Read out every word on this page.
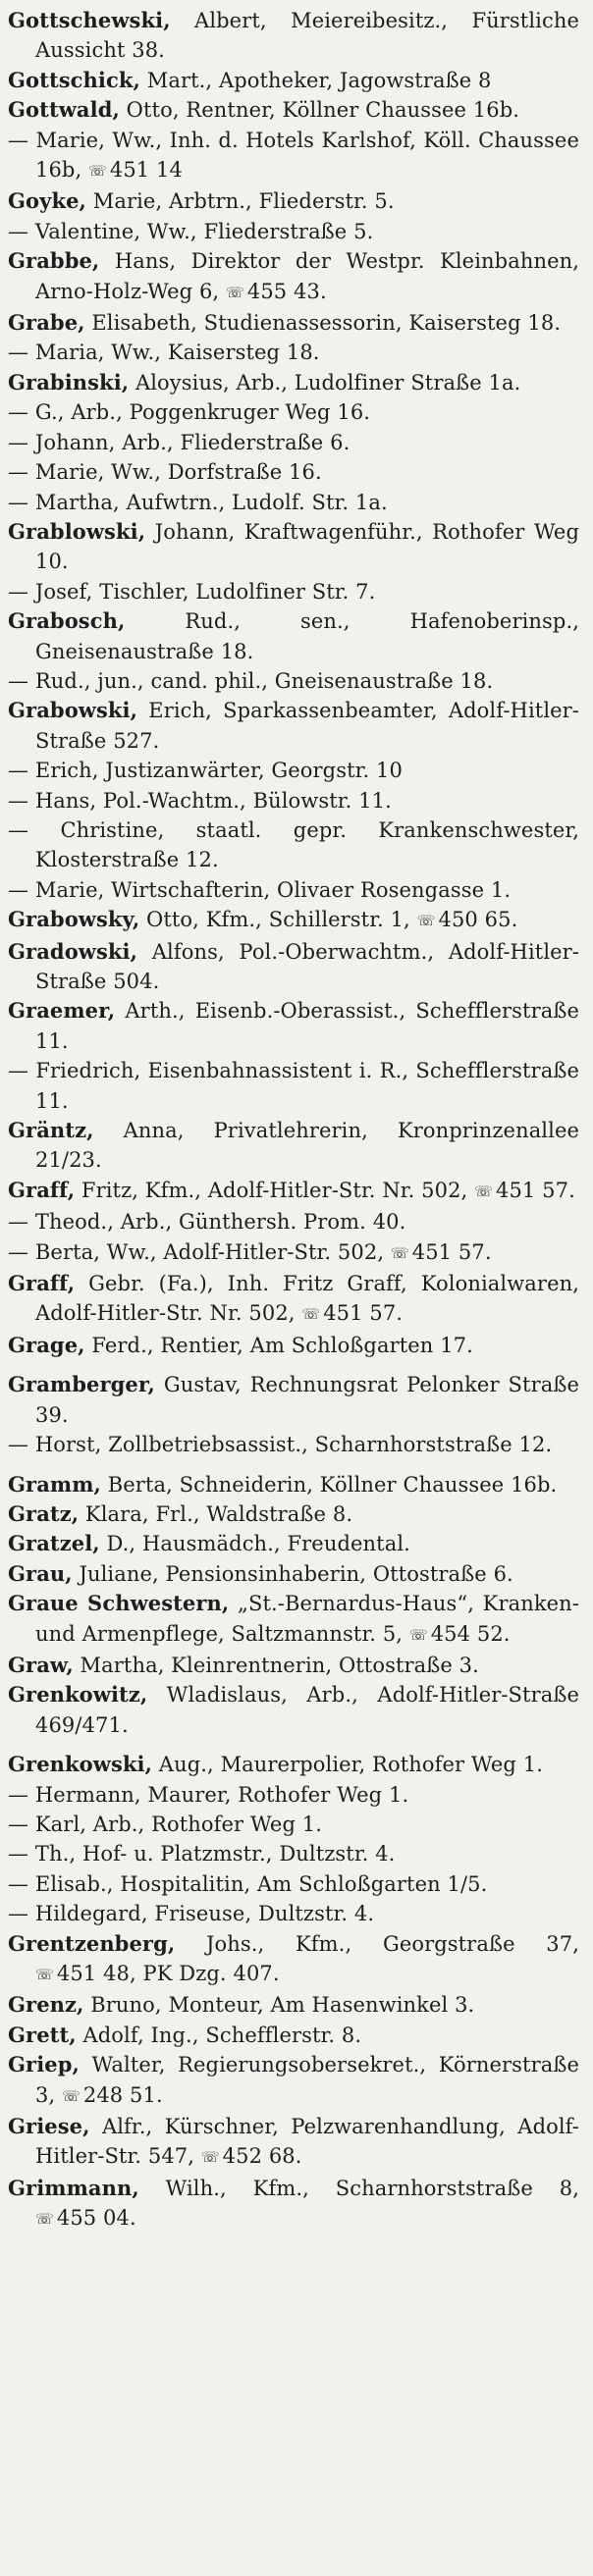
Gottschewski, Albert, Meiereibesitz., Fürstliche Aussicht 38.

Gottschick, Mart., Apotheker, Jagowstraße 8

Gottwald, Otto, Rentner, Köllner Chaussee 16b.

— Marie, Ww., Inh. d. Hotels Karlshof, Köll. Chaussee 16b, ☏ 451 14

Goyke, Marie, Arbtrn., Fliederstr. 5.

— Valentine, Ww., Fliederstraße 5.

Grabbe, Hans, Direktor der Westpr. Kleinbahnen, Arno-Holz-Weg 6, ☏ 455 43.

Grabe, Elisabeth, Studienassessorin, Kaisersteg 18.

— Maria, Ww., Kaisersteg 18.

Grabinski, Aloysius, Arb., Ludolfiner Straße 1a.

— G., Arb., Poggenkruger Weg 16.

— Johann, Arb., Fliederstraße 6.

— Marie, Ww., Dorfstraße 16.

— Martha, Aufwtrn., Ludolf. Str. 1a.

Grablowski, Johann, Kraftwagenführ., Rothofer Weg 10.

— Josef, Tischler, Ludolfiner Str. 7.

Grabosch, Rud., sen., Hafenoberinsp., Gneisenaustraße 18.

— Rud., jun., cand. phil., Gneisenaustraße 18.

Grabowski, Erich, Sparkassenbeamter, Adolf-Hitler-Straße 527.

— Erich, Justizanwärter, Georgstr. 10

— Hans, Pol.-Wachtm., Bülowstr. 11.

— Christine, staatl. gepr. Krankenschwester, Klosterstraße 12.

— Marie, Wirtschafterin, Olivaer Rosengasse 1.

Grabowsky, Otto, Kfm., Schillerstr. 1, ☏ 450 65.

Gradowski, Alfons, Pol.-Oberwachtm., Adolf-Hitler-Straße 504.

Graemer, Arth., Eisenb.-Oberassist., Schefflerstraße 11.

— Friedrich, Eisenbahnassistent i. R., Schefflerstraße 11.

Gräntz, Anna, Privatlehrerin, Kronprinzenallee 21/23.

Graff, Fritz, Kfm., Adolf-Hitler-Str. Nr. 502, ☏ 451 57.

— Theod., Arb., Günthersh. Prom. 40.

— Berta, Ww., Adolf-Hitler-Str. 502, ☏ 451 57.

Graff, Gebr. (Fa.), Inh. Fritz Graff, Kolonialwaren, Adolf-Hitler-Str. Nr. 502, ☏ 451 57.

Grage, Ferd., Rentier, Am Schloßgarten 17.

Gramberger, Gustav, Rechnungsrat Pelonker Straße 39.

— Horst, Zollbetriebsassist., Scharnhorststraße 12.

Gramm, Berta, Schneiderin, Köllner Chaussee 16b.

Gratz, Klara, Frl., Waldstraße 8.

Gratzel, D., Hausmädch., Freudental.

Grau, Juliane, Pensionsinhaberin, Ottostraße 6.

Graue Schwestern, „St.-Bernardus-Haus“, Kranken- und Armenpflege, Saltzmannstr. 5, ☏ 454 52.

Graw, Martha, Kleinrentnerin, Ottostraße 3.

Grenkowitz, Wladislaus, Arb., Adolf-Hitler-Straße 469/471.

Grenkowski, Aug., Maurerpolier, Rothofer Weg 1.

— Hermann, Maurer, Rothofer Weg 1.

— Karl, Arb., Rothofer Weg 1.

— Th., Hof- u. Platzmstr., Dultzstr. 4.

— Elisab., Hospitalitin, Am Schloßgarten 1/5.

— Hildegard, Friseuse, Dultzstr. 4.

Grentzenberg, Johs., Kfm., Georgstraße 37, ☏ 451 48, PK Dzg. 407.

Grenz, Bruno, Monteur, Am Hasenwinkel 3.

Grett, Adolf, Ing., Schefflerstr. 8.

Griep, Walter, Regierungsobersekret., Körnerstraße 3, ☏ 248 51.

Griese, Alfr., Kürschner, Pelzwarenhandlung, Adolf-Hitler-Str. 547, ☏ 452 68.

Grimmann, Wilh., Kfm., Scharnhorststraße 8, ☏ 455 04.
